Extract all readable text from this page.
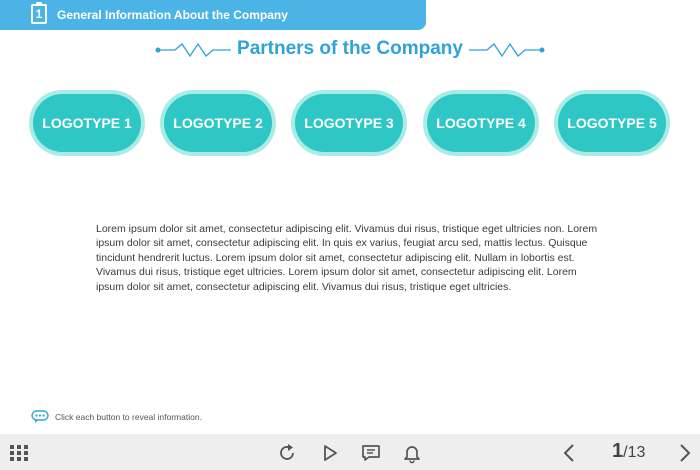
1	General Information About the Company
Partners of the Company
LOGOTYPE 1	LOGOTYPE 2	LOGOTYPE 3	LOGOTYPE 4	LOGOTYPE 5
Lorem ipsum dolor sit amet, consectetur adipiscing elit. Vivamus dui risus, tristique eget ultricies non. Lorem ipsum dolor sit amet, consectetur adipiscing elit. In quis ex varius, feugiat arcu sed, mattis lectus. Quisque tincidunt hendrerit luctus. Lorem ipsum dolor sit amet, consectetur adipiscing elit. Nullam in lobortis est. Vivamus dui risus, tristique eget ultricies. Lorem ipsum dolor sit amet, consectetur adipiscing elit. Lorem ipsum dolor sit amet, consectetur adipiscing elit. Vivamus dui risus, tristique eget ultricies.
Click each button to reveal information.
1/13
